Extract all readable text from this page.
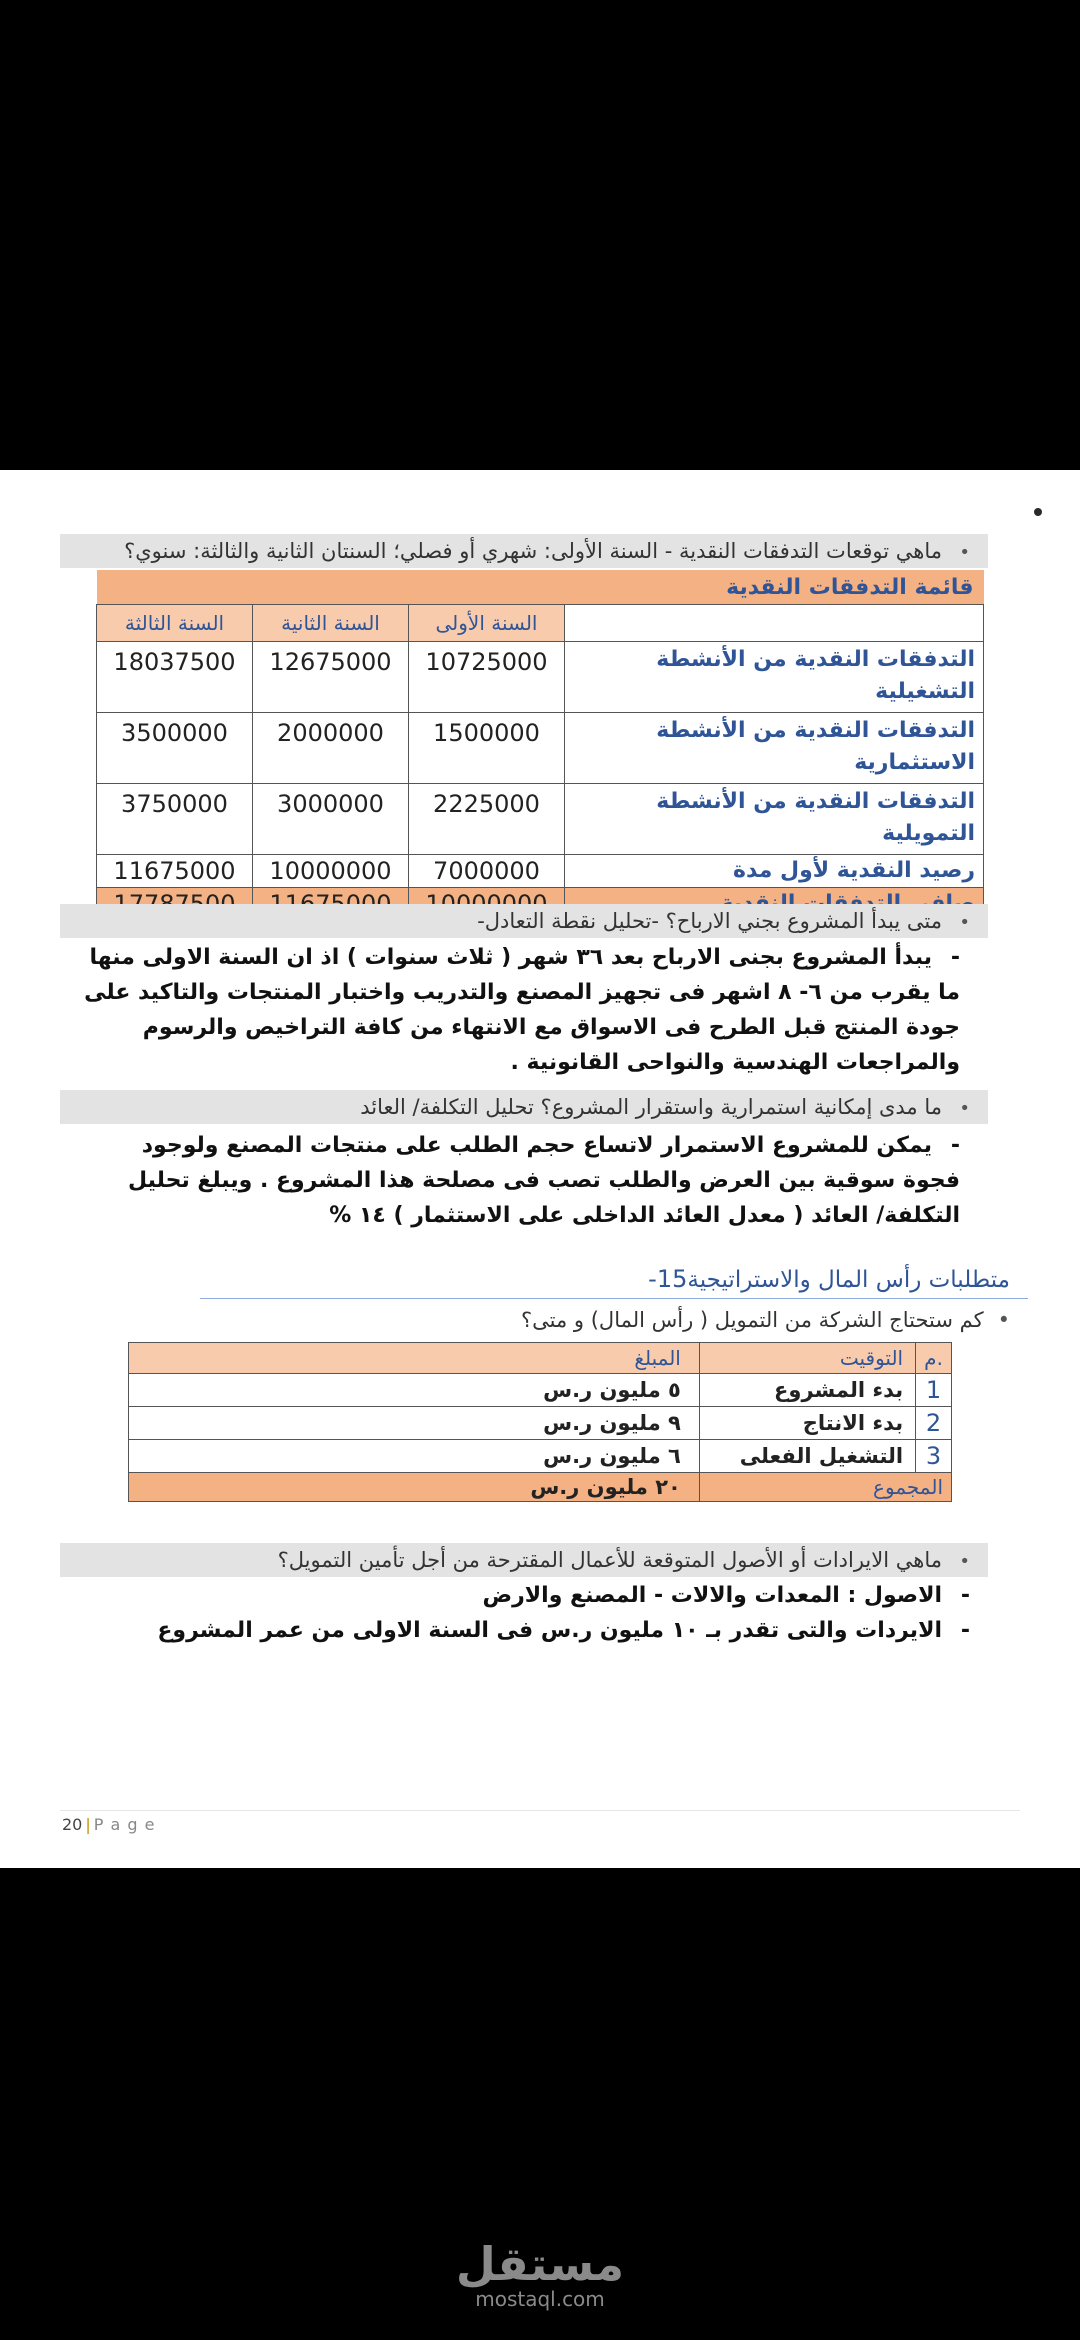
•ماهي توقعات التدفقات النقدية - السنة الأولى: شهري أو فصلي؛ السنتان الثانية والثالثة: سنوي؟
قائمة التدفقات النقدية			
السنة الثالثة	السنة الثانية	السنة الأولى	
18037500	12675000	10725000	التدفقات النقدية من الأنشطة التشغيلية
3500000	2000000	1500000	التدفقات النقدية من الأنشطة الاستثمارية
3750000	3000000	2225000	التدفقات النقدية من الأنشطة التمويلية
11675000	10000000	7000000	رصيد النقدية لأول مدة

•متى يبدأ المشروع بجني الارباح؟ -تحليل نقطة التعادل-
-يبدأ المشروع بجنى الارباح بعد ٣٦ شهر ( ثلاث سنوات ) اذ ان السنة الاولى منها ما يقرب من ٦- ٨ اشهر فى تجهيز المصنع والتدريب واختبار المنتجات والتاكيد على جودة المنتج قبل الطرح فى الاسواق مع الانتهاء من كافة التراخيص والرسوم والمراجعات الهندسية والنواحى القانونية .
•ما مدى إمكانية استمرارية واستقرار المشروع؟ تحليل التكلفة/ العائد
-يمكن للمشروع الاستمرار لاتساع حجم الطلب على منتجات المصنع ولوجود فجوة سوقية بين العرض والطلب تصب فى مصلحة هذا المشروع . ويبلغ تحليل التكلفة/ العائد ( معدل العائد الداخلى على الاستثمار ) ١٤ %
متطلبات رأس المال والاستراتيجية15-
•كم ستحتاج الشركة من التمويل ( رأس المال) و متى؟
المبلغ	التوقيت	م.
٥ مليون ر.س	بدء المشروع	1
٩ مليون ر.س	بدء الانتاج	2
٦ مليون ر.س	التشغيل الفعلى	3
٢٠ مليون ر.س	المجموع	
•ماهي الايرادات أو الأصول المتوقعة للأعمال المقترحة من أجل تأمين التمويل؟
-الاصول : المعدات والالات - المصنع والارض
-الايردات والتى تقدر بـ ١٠ مليون ر.س فى السنة الاولى من عمر المشروع
20 | P a g e
مستقل
mostaql.com
